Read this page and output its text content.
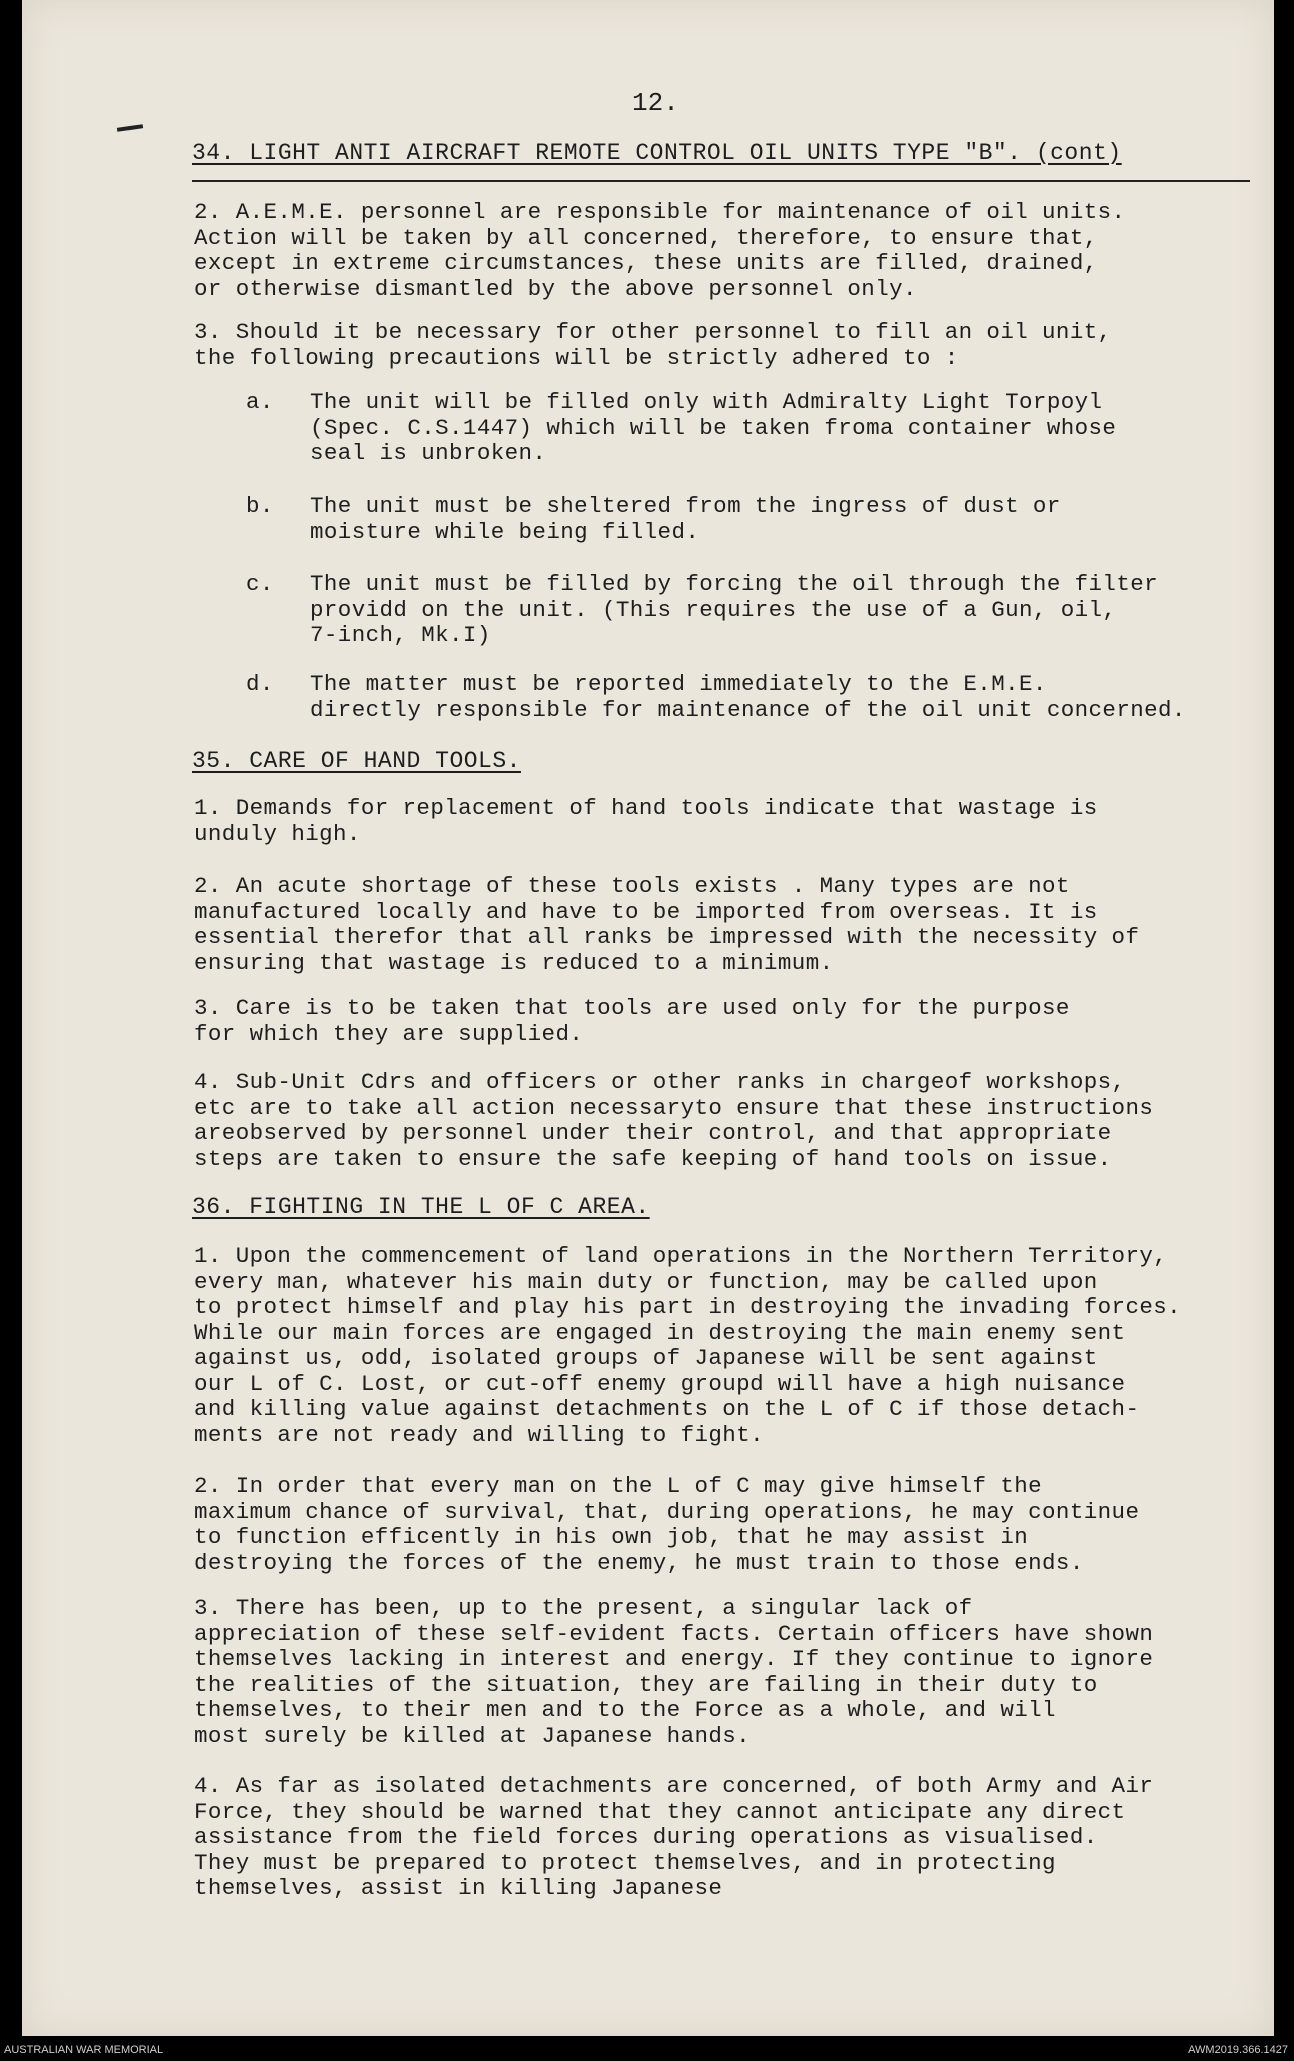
12.
34. LIGHT ANTI AIRCRAFT REMOTE CONTROL OIL UNITS TYPE "B". (cont)
2. A.E.M.E. personnel are responsible for maintenance of oil units.
Action will be taken by all concerned, therefore, to ensure that,
except in extreme circumstances, these units are filled, drained,
or otherwise dismantled by the above personnel only.
3. Should it be necessary for other personnel to fill an oil unit,
the following precautions will be strictly adhered to :
a. The unit will be filled only with Admiralty Light Torpoyl
(Spec. C.S.1447) which will be taken froma container whose
seal is unbroken.
b. The unit must be sheltered from the ingress of dust or
moisture while being filled.
c. The unit must be filled by forcing the oil through the filter
providd on the unit. (This requires the use of a Gun, oil,
7-inch, Mk.I)
d. The matter must be reported immediately to the E.M.E.
directly responsible for maintenance of the oil unit concerned.
35. CARE OF HAND TOOLS.
1. Demands for replacement of hand tools indicate that wastage is
unduly high.
2. An acute shortage of these tools exists . Many types are not
manufactured locally and have to be imported from overseas. It is
essential therefor that all ranks be impressed with the necessity of
ensuring that wastage is reduced to a minimum.
3. Care is to be taken that tools are used only for the purpose
for which they are supplied.
4. Sub-Unit Cdrs and officers or other ranks in chargeof workshops,
etc are to take all action necessaryto ensure that these instructions
areobserved by personnel under their control, and that appropriate
steps are taken to ensure the safe keeping of hand tools on issue.
36. FIGHTING IN THE L OF C AREA.
1. Upon the commencement of land operations in the Northern Territory,
every man, whatever his main duty or function, may be called upon
to protect himself and play his part in destroying the invading forces.
While our main forces are engaged in destroying the main enemy sent
against us, odd, isolated groups of Japanese will be sent against
our L of C. Lost, or cut-off enemy groupd will have a high nuisance
and killing value against detachments on the L of C if those detach-
ments are not ready and willing to fight.
2. In order that every man on the L of C may give himself the
maximum chance of survival, that, during operations, he may continue
to function efficently in his own job, that he may assist in
destroying the forces of the enemy, he must train to those ends.
3. There has been, up to the present, a singular lack of
appreciation of these self-evident facts. Certain officers have shown
themselves lacking in interest and energy. If they continue to ignore
the realities of the situation, they are failing in their duty to
themselves, to their men and to the Force as a whole, and will
most surely be killed at Japanese hands.
4. As far as isolated detachments are concerned, of both Army and Air
Force, they should be warned that they cannot anticipate any direct
assistance from the field forces during operations as visualised.
They must be prepared to protect themselves, and in protecting
themselves, assist in killing Japanese
AUSTRALIAN WAR MEMORIAL	AWM2019.366.1427
